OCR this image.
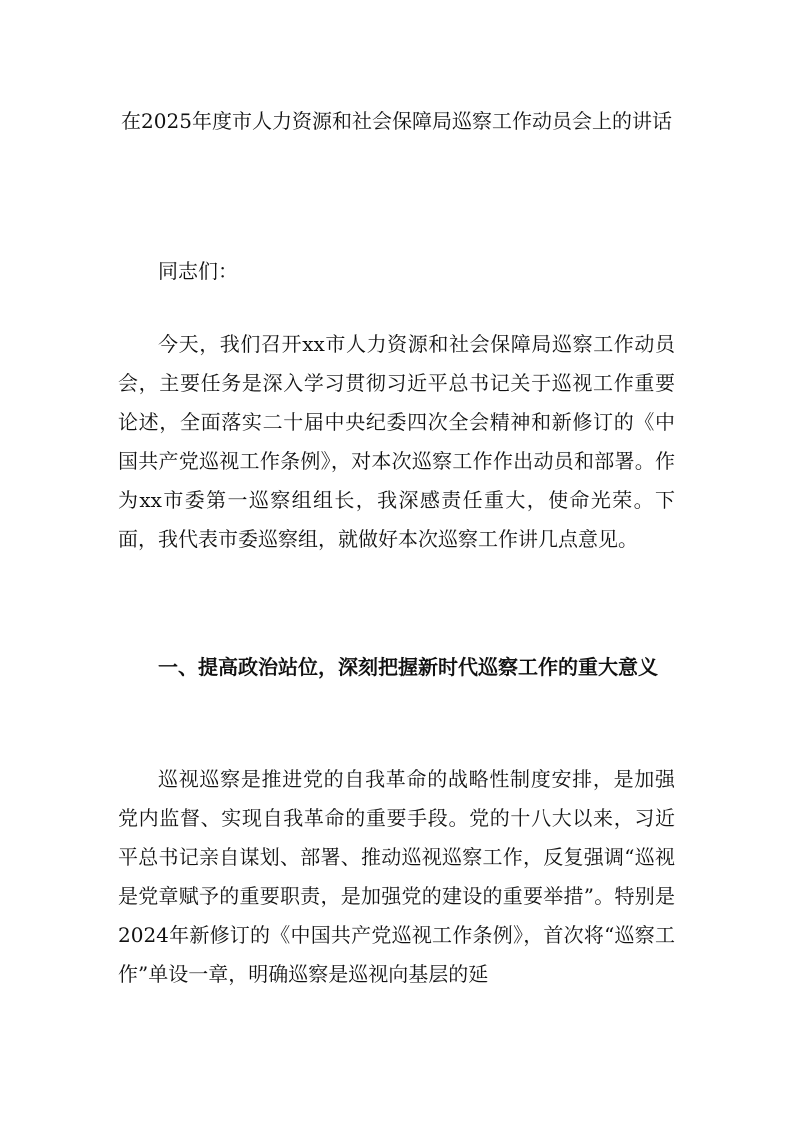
在2025年度市人力资源和社会保障局巡察工作动员会上的讲话

同志们：

今天，我们召开xx市人力资源和社会保障局巡察工作动员会，主要任务是深入学习贯彻习近平总书记关于巡视工作重要论述，全面落实二十届中央纪委四次全会精神和新修订的《中国共产党巡视工作条例》，对本次巡察工作作出动员和部署。作为xx市委第一巡察组组长，我深感责任重大，使命光荣。下面，我代表市委巡察组，就做好本次巡察工作讲几点意见。

一、提高政治站位，深刻把握新时代巡察工作的重大意义

巡视巡察是推进党的自我革命的战略性制度安排，是加强党内监督、实现自我革命的重要手段。党的十八大以来，习近平总书记亲自谋划、部署、推动巡视巡察工作，反复强调“巡视是党章赋予的重要职责，是加强党的建设的重要举措”。特别是2024年新修订的《中国共产党巡视工作条例》，首次将“巡察工作”单设一章，明确巡察是巡视向基层的延
